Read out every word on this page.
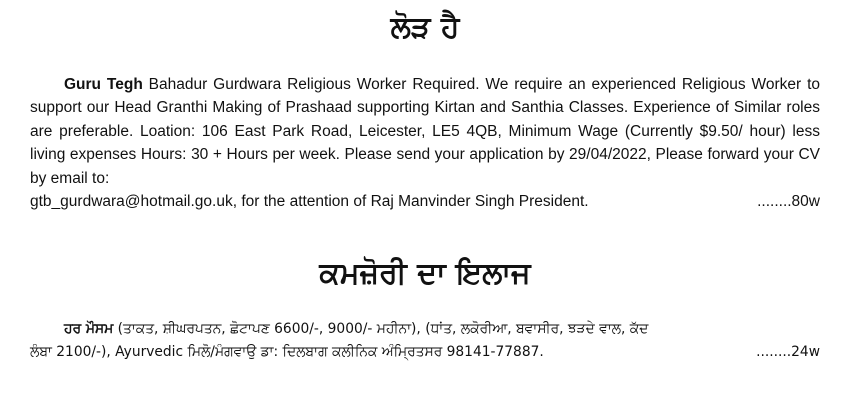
ਲੋੜ ਹੈ
Guru Tegh Bahadur Gurdwara Religious Worker Required. We require an experienced Religious Worker to support our Head Granthi Making of Prashaad supporting Kirtan and Santhia Classes. Experience of Similar roles are preferable. Loation: 106 East Park Road, Leicester, LE5 4QB, Minimum Wage (Currently $9.50/ hour) less living expenses Hours: 30 + Hours per week. Please send your application by 29/04/2022, Please forward your CV by email to:
gtb_gurdwara@hotmail.go.uk, for the attention of Raj Manvinder Singh President.	........80w
ਕਮਜ਼ੋਰੀ ਦਾ ਇਲਾਜ
ਹਰ ਮੌਸਮ (ਤਾਕਤ, ਸ਼ੀਘਰਪਤਨ, ਛੋਟਾਪਣ 6600/-, 9000/- ਮਹੀਨਾ), (ਧਾਂਤ, ਲਕੋਰੀਆ, ਬਵਾਸੀਰ, ਝੜਦੇ ਵਾਲ, ਕੱਦ
ਲੰਬਾ 2100/-), Ayurvedic ਮਿਲੋ/ਮੰਗਵਾਉ ਡਾ: ਦਿਲਬਾਗ ਕਲੀਨਿਕ ਅੰਮ੍ਰਿਤਸਰ 98141-77887.	........24w
